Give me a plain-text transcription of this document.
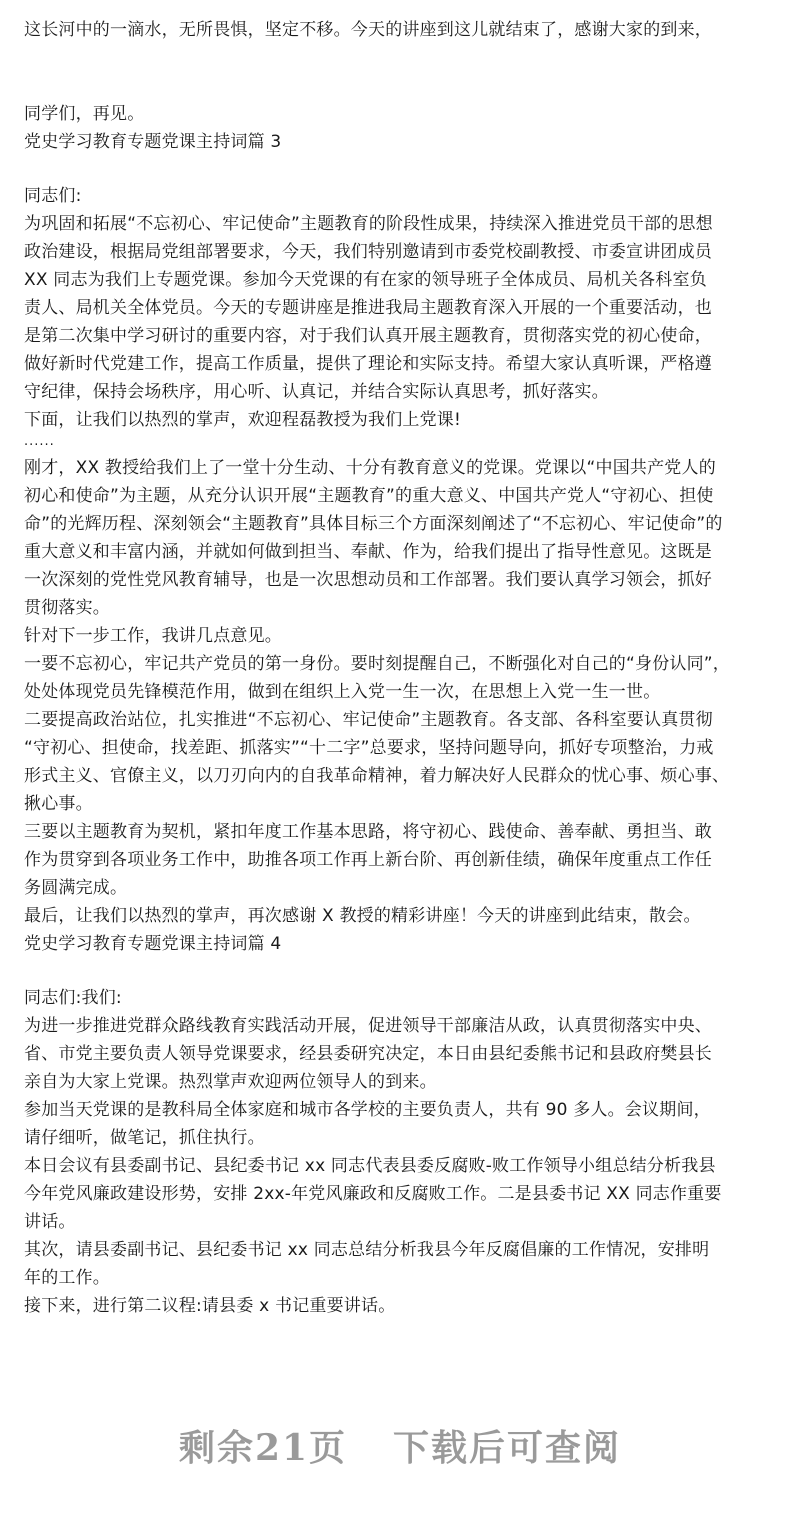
这长河中的一滴水，无所畏惧，坚定不移。今天的讲座到这儿就结束了，感谢大家的到来，

同学们，再见。

党史学习教育专题党课主持词篇 3

同志们:

为巩固和拓展“不忘初心、牢记使命”主题教育的阶段性成果，持续深入推进党员干部的思想

政治建设，根据局党组部署要求，今天，我们特别邀请到市委党校副教授、市委宣讲团成员

XX 同志为我们上专题党课。参加今天党课的有在家的领导班子全体成员、局机关各科室负

责人、局机关全体党员。今天的专题讲座是推进我局主题教育深入开展的一个重要活动，也

是第二次集中学习研讨的重要内容，对于我们认真开展主题教育，贯彻落实党的初心使命，

做好新时代党建工作，提高工作质量，提供了理论和实际支持。希望大家认真听课，严格遵

守纪律，保持会场秩序，用心听、认真记，并结合实际认真思考，抓好落实。

下面，让我们以热烈的掌声，欢迎程磊教授为我们上党课!

......

刚才，XX 教授给我们上了一堂十分生动、十分有教育意义的党课。党课以“中国共产党人的

初心和使命”为主题，从充分认识开展“主题教育”的重大意义、中国共产党人“守初心、担使

命”的光辉历程、深刻领会“主题教育”具体目标三个方面深刻阐述了“不忘初心、牢记使命”的

重大意义和丰富内涵，并就如何做到担当、奉献、作为，给我们提出了指导性意见。这既是

一次深刻的党性党风教育辅导，也是一次思想动员和工作部署。我们要认真学习领会，抓好

贯彻落实。

针对下一步工作，我讲几点意见。

一要不忘初心，牢记共产党员的第一身份。要时刻提醒自己，不断强化对自己的“身份认同”，

处处体现党员先锋模范作用，做到在组织上入党一生一次，在思想上入党一生一世。

二要提高政治站位，扎实推进“不忘初心、牢记使命”主题教育。各支部、各科室要认真贯彻

“守初心、担使命，找差距、抓落实”“十二字”总要求，坚持问题导向，抓好专项整治，力戒

形式主义、官僚主义，以刀刃向内的自我革命精神，着力解决好人民群众的忧心事、烦心事、

揪心事。

三要以主题教育为契机，紧扣年度工作基本思路，将守初心、践使命、善奉献、勇担当、敢

作为贯穿到各项业务工作中，助推各项工作再上新台阶、再创新佳绩，确保年度重点工作任

务圆满完成。

最后，让我们以热烈的掌声，再次感谢 X 教授的精彩讲座！今天的讲座到此结束，散会。

党史学习教育专题党课主持词篇 4

同志们:我们:

为进一步推进党群众路线教育实践活动开展，促进领导干部廉洁从政，认真贯彻落实中央、

省、市党主要负责人领导党课要求，经县委研究决定，本日由县纪委熊书记和县政府樊县长

亲自为大家上党课。热烈掌声欢迎两位领导人的到来。

参加当天党课的是教科局全体家庭和城市各学校的主要负责人，共有 90 多人。会议期间，

请仔细听，做笔记，抓住执行。

本日会议有县委副书记、县纪委书记 xx 同志代表县委反腐败-败工作领导小组总结分析我县

今年党风廉政建设形势，安排 2xx-年党风廉政和反腐败工作。二是县委书记 XX 同志作重要

讲话。

其次，请县委副书记、县纪委书记 xx 同志总结分析我县今年反腐倡廉的工作情况，安排明

年的工作。

接下来，进行第二议程:请县委 x 书记重要讲话。

剩余21页 下载后可查阅
